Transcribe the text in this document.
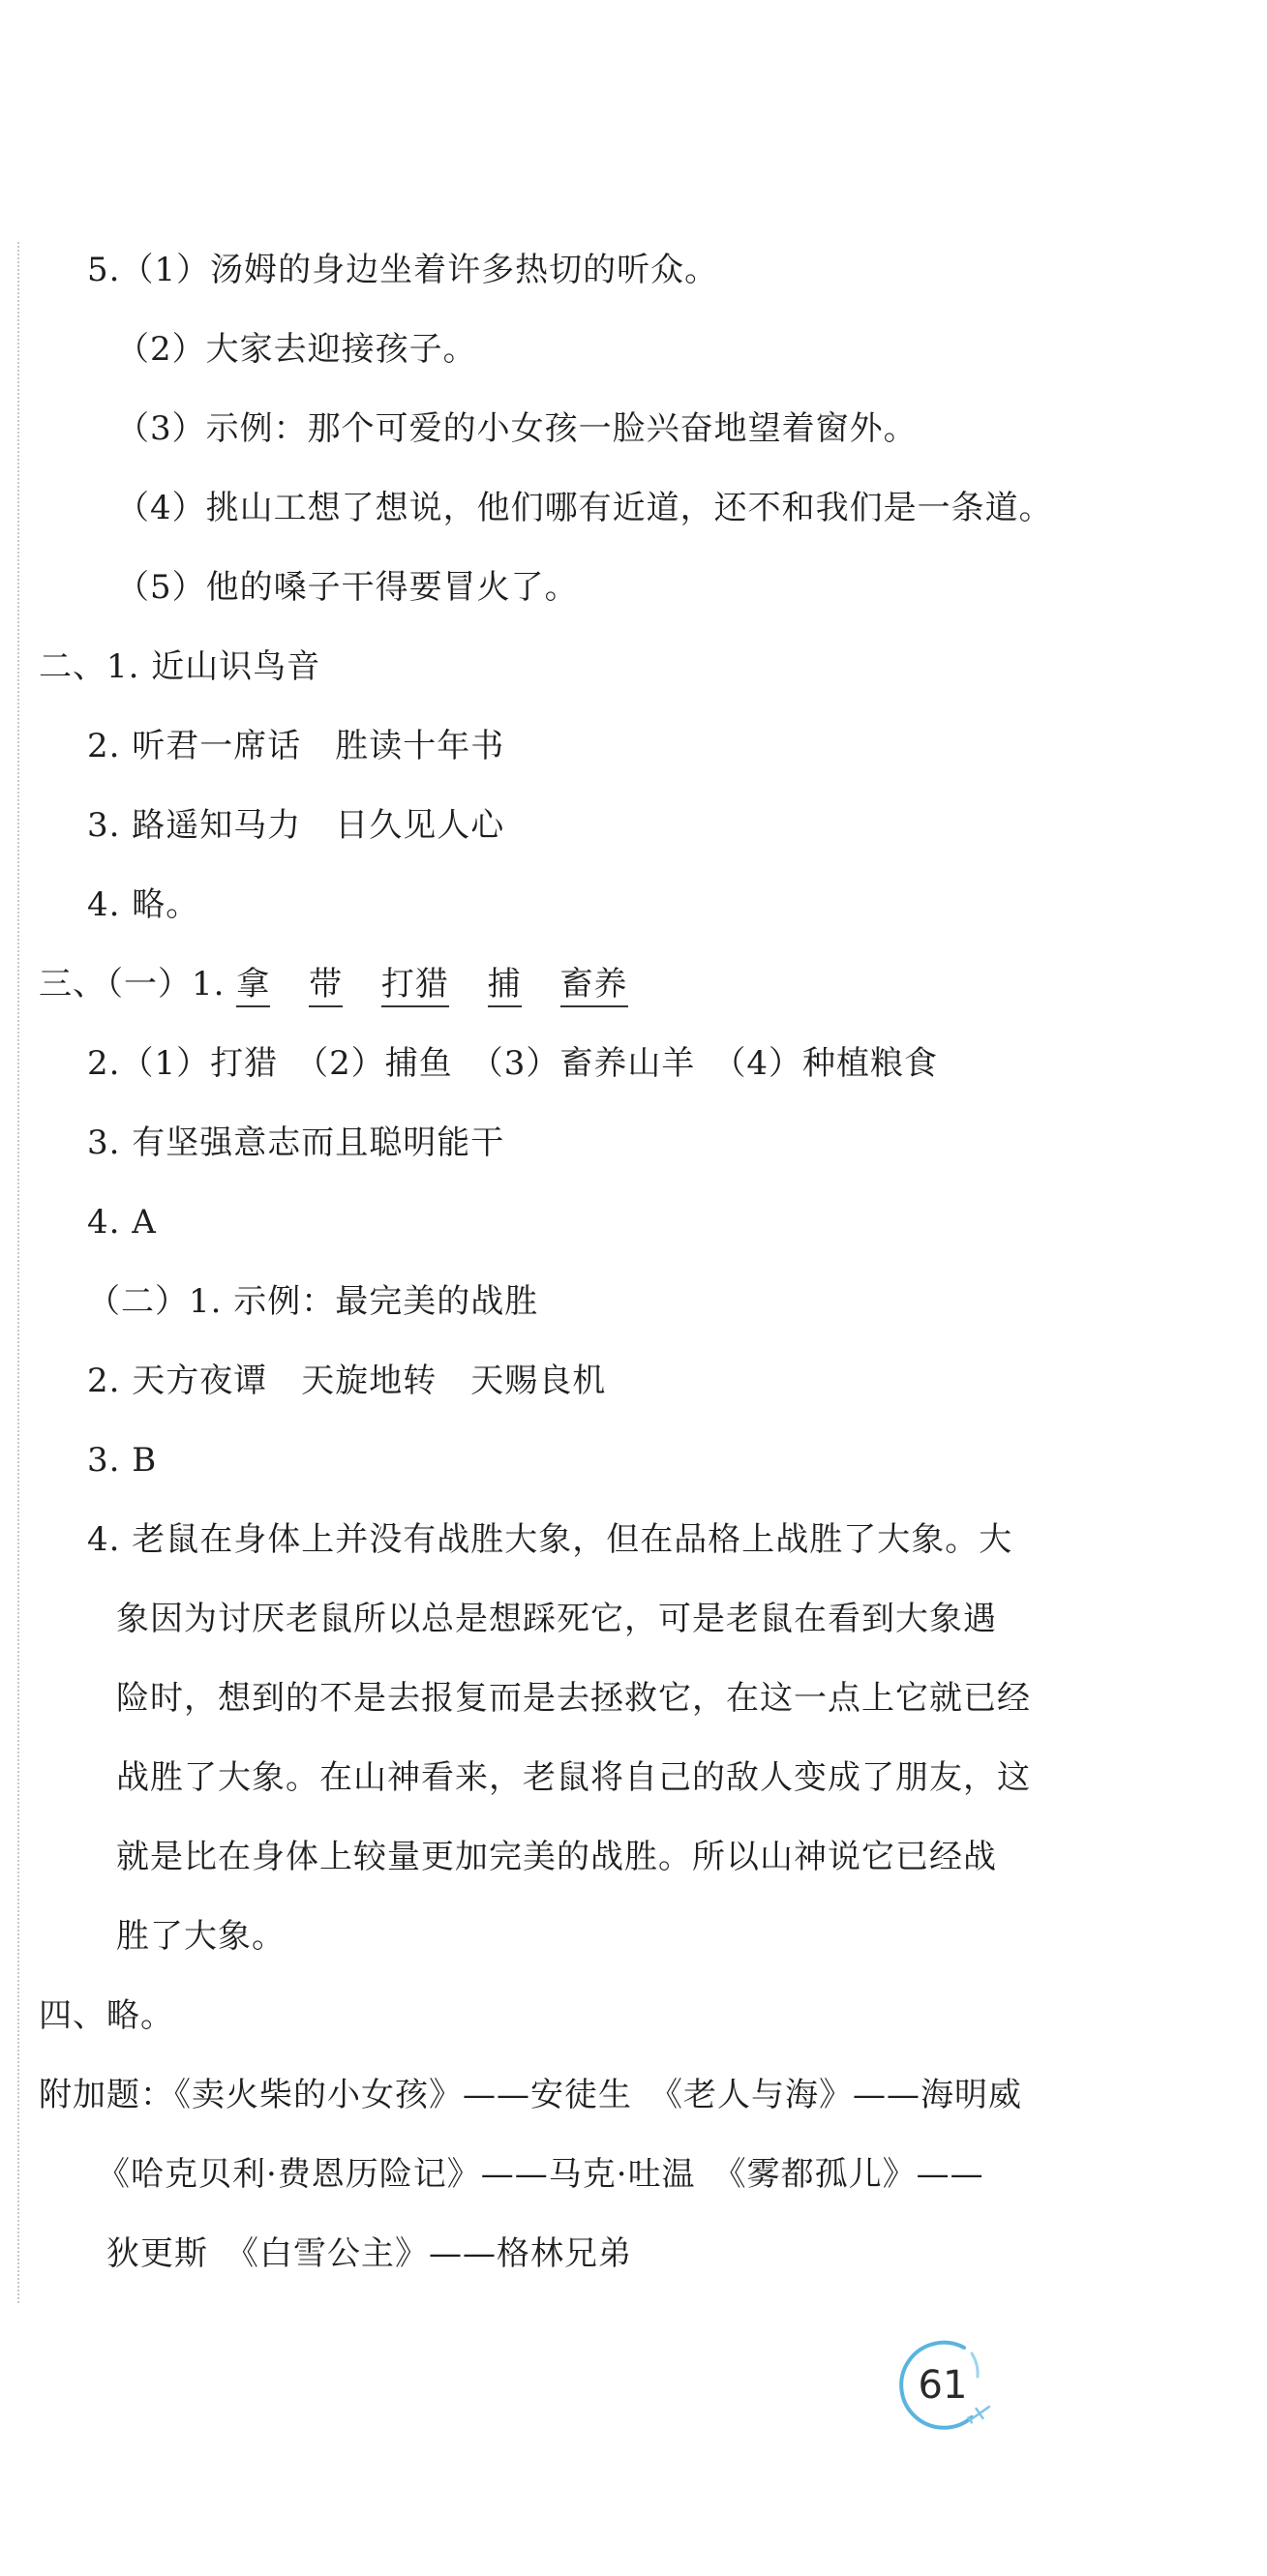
5.（1）汤姆的身边坐着许多热切的听众。
（2）大家去迎接孩子。
（3）示例：那个可爱的小女孩一脸兴奋地望着窗外。
（4）挑山工想了想说，他们哪有近道，还不和我们是一条道。
（5）他的嗓子干得要冒火了。
二、1. 近山识鸟音
2. 听君一席话　胜读十年书
3. 路遥知马力　日久见人心
4. 略。
三、（一）1. 拿 带 打猎 捕 畜养
2.（1）打猎　（2）捕鱼　（3）畜养山羊　（4）种植粮食
3. 有坚强意志而且聪明能干
4. A
（二）1. 示例：最完美的战胜
2. 天方夜谭　天旋地转　天赐良机
3. B
4. 老鼠在身体上并没有战胜大象，但在品格上战胜了大象。大
象因为讨厌老鼠所以总是想踩死它，可是老鼠在看到大象遇
险时，想到的不是去报复而是去拯救它，在这一点上它就已经
战胜了大象。在山神看来，老鼠将自己的敌人变成了朋友，这
就是比在身体上较量更加完美的战胜。所以山神说它已经战
胜了大象。
四、略。
附加题：《卖火柴的小女孩》——安徒生　《老人与海》——海明威
《哈克贝利·费恩历险记》——马克·吐温　《雾都孤儿》——
狄更斯　《白雪公主》——格林兄弟
61
